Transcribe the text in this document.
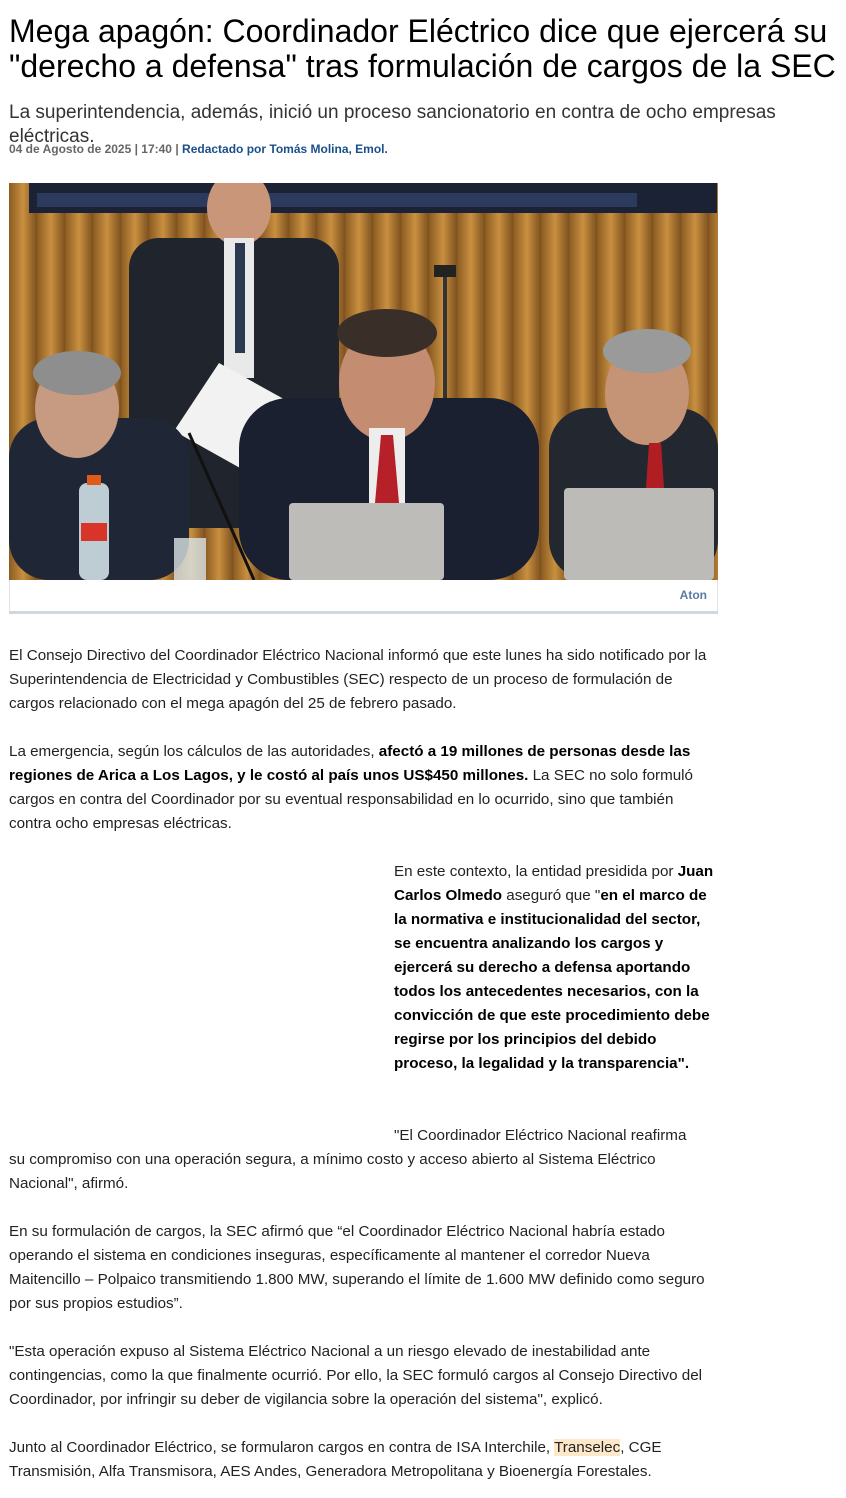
Mega apagón: Coordinador Eléctrico dice que ejercerá su "derecho a defensa" tras formulación de cargos de la SEC

La superintendencia, además, inició un proceso sancionatorio en contra de ocho empresas eléctricas.

04 de Agosto de 2025 | 17:40 | Redactado por Tomás Molina, Emol.
Aton

El Consejo Directivo del Coordinador Eléctrico Nacional informó que este lunes ha sido notificado por la Superintendencia de Electricidad y Combustibles (SEC) respecto de un proceso de formulación de cargos relacionado con el mega apagón del 25 de febrero pasado.

La emergencia, según los cálculos de las autoridades, afectó a 19 millones de personas desde las regiones de Arica a Los Lagos, y le costó al país unos US$450 millones. La SEC no solo formuló cargos en contra del Coordinador por su eventual responsabilidad en lo ocurrido, sino que también contra ocho empresas eléctricas.

En este contexto, la entidad presidida por Juan Carlos Olmedo aseguró que "en el marco de la normativa e institucionalidad del sector, se encuentra analizando los cargos y ejercerá su derecho a defensa aportando todos los antecedentes necesarios, con la convicción de que este procedimiento debe regirse por los principios del debido proceso, la legalidad y la transparencia".

"El Coordinador Eléctrico Nacional reafirma

su compromiso con una operación segura, a mínimo costo y acceso abierto al Sistema Eléctrico Nacional", afirmó.

En su formulación de cargos, la SEC afirmó que “el Coordinador Eléctrico Nacional habría estado operando el sistema en condiciones inseguras, específicamente al mantener el corredor Nueva Maitencillo – Polpaico transmitiendo 1.800 MW, superando el límite de 1.600 MW definido como seguro por sus propios estudios”.

"Esta operación expuso al Sistema Eléctrico Nacional a un riesgo elevado de inestabilidad ante contingencias, como la que finalmente ocurrió. Por ello, la SEC formuló cargos al Consejo Directivo del Coordinador, por infringir su deber de vigilancia sobre la operación del sistema", explicó.

Junto al Coordinador Eléctrico, se formularon cargos en contra de ISA Interchile, Transelec, CGE Transmisión, Alfa Transmisora, AES Andes, Generadora Metropolitana y Bioenergía Forestales.
